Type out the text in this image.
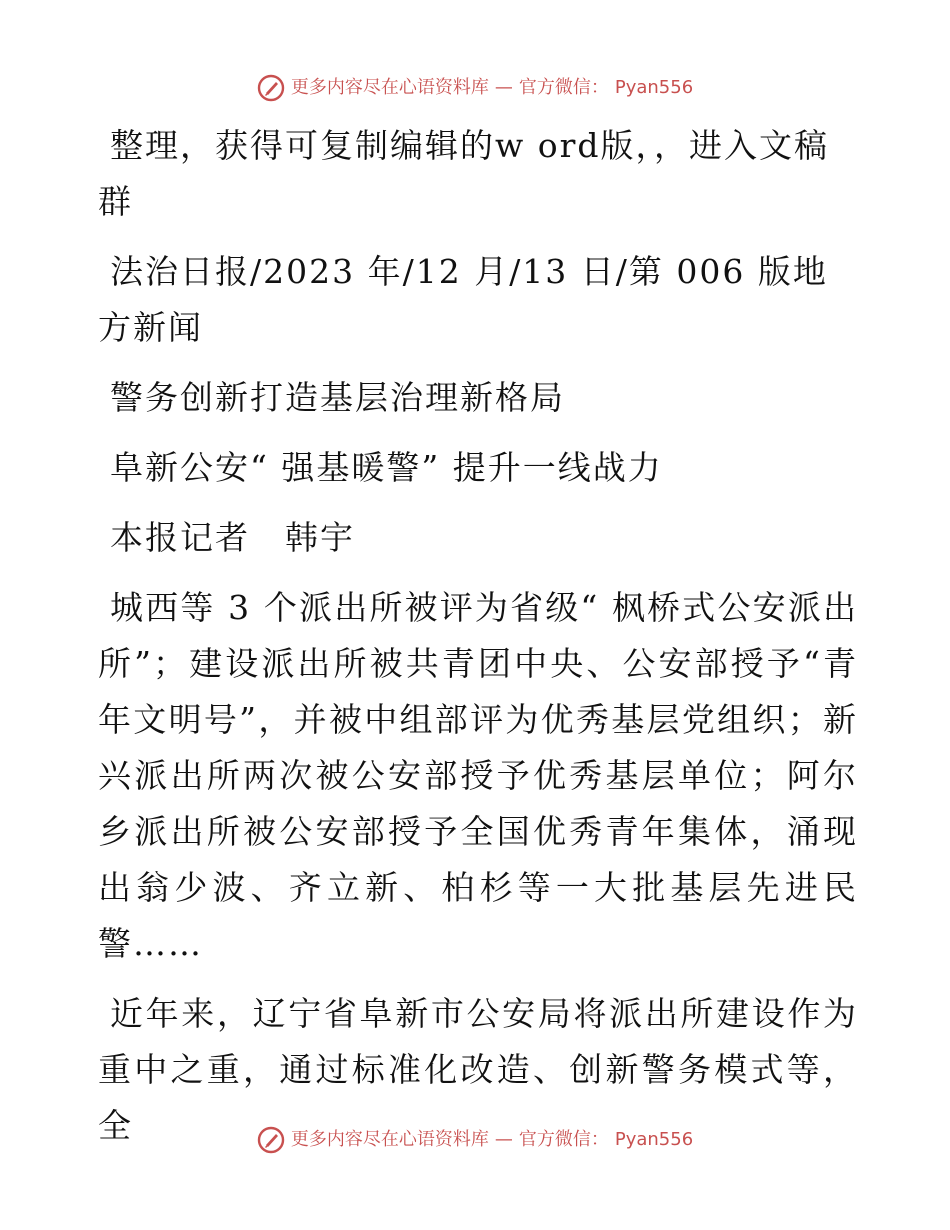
更多内容尽在心语资料库 — 官方微信： Pyan556

整理，获得可复制编辑的w ord版，，进入文稿群

法治日报/2023 年/12 月/13 日/第 006 版地方新闻

警务创新打造基层治理新格局

阜新公安“ 强基暖警” 提升一线战力

本报记者　韩宇

城西等 3 个派出所被评为省级“ 枫桥式公安派出所”；建设派出所被共青团中央、公安部授予“青年文明号”，并被中组部评为优秀基层党组织；新兴派出所两次被公安部授予优秀基层单位；阿尔乡派出所被公安部授予全国优秀青年集体，涌现出翁少波、齐立新、柏杉等一大批基层先进民警……

近年来，辽宁省阜新市公安局将派出所建设作为重中之重，通过标准化改造、创新警务模式等，全	更多内容尽在心语资料库 — 官方微信： Pyan556
